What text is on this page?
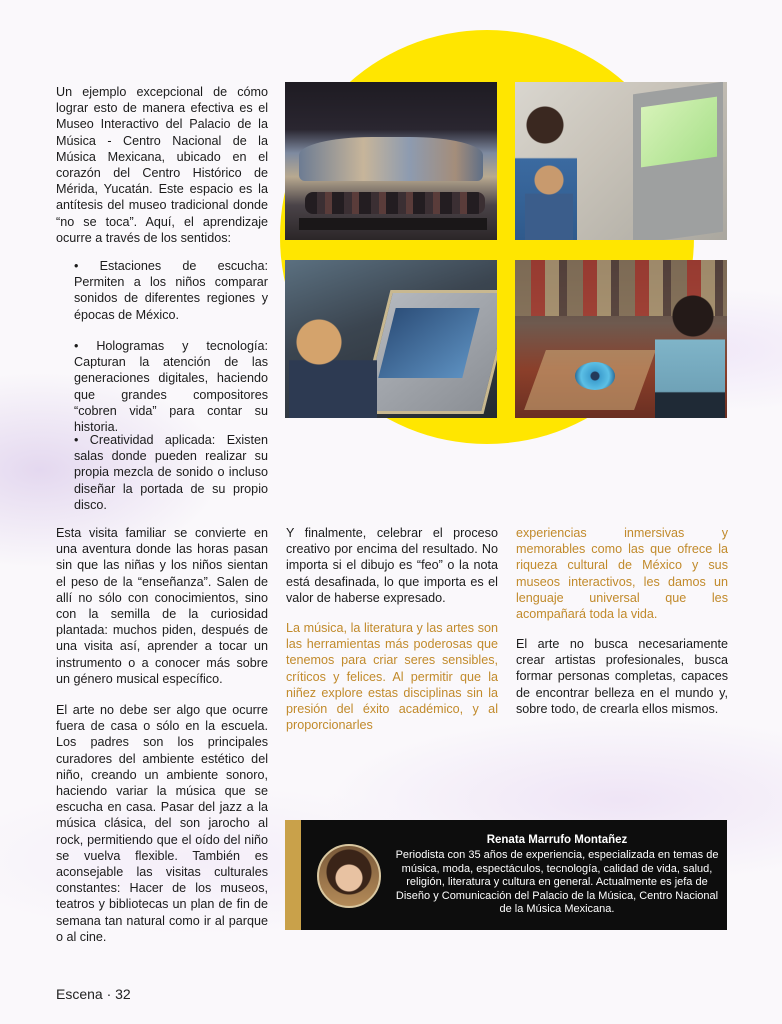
Un ejemplo excepcional de cómo lograr esto de manera efectiva es el Museo Interactivo del Palacio de la Música - Centro Nacional de la Música Mexicana, ubicado en el corazón del Centro Histórico de Mérida, Yucatán. Este espacio es la antítesis del museo tradicional donde “no se toca”. Aquí, el aprendizaje ocurre a través de los sentidos:

• Estaciones de escucha: Permiten a los niños comparar sonidos de diferentes regiones y épocas de México.

• Hologramas y tecnología: Capturan la atención de las generaciones digitales, haciendo que grandes compositores “cobren vida” para contar su historia.

• Creatividad aplicada: Existen salas donde pueden realizar su propia mezcla de sonido o incluso diseñar la portada de su propio disco.

Esta visita familiar se convierte en una aventura donde las horas pasan sin que las niñas y los niños sientan el peso de la “enseñanza”. Salen de allí no sólo con conocimientos, sino con la semilla de la curiosidad plantada: muchos piden, después de una visita así, aprender a tocar un instrumento o a conocer más sobre un género musical específico.

El arte no debe ser algo que ocurre fuera de casa o sólo en la escuela. Los padres son los principales curadores del ambiente estético del niño, creando un ambiente sonoro, haciendo variar la música que se escucha en casa. Pasar del jazz a la música clásica, del son jarocho al rock, permitiendo que el oído del niño se vuelva flexible. También es aconsejable las visitas culturales constantes: Hacer de los museos, teatros y bibliotecas un plan de fin de semana tan natural como ir al parque o al cine.

Y finalmente, celebrar el proceso creativo por encima del resultado. No importa si el dibujo es “feo” o la nota está desafinada, lo que importa es el valor de haberse expresado.

La música, la literatura y las artes son las herramientas más poderosas que tenemos para criar seres sensibles, críticos y felices. Al permitir que la niñez explore estas disciplinas sin la presión del éxito académico, y al proporcionarles

experiencias inmersivas y memorables como las que ofrece la riqueza cultural de México y sus museos interactivos, les damos un lenguaje universal que les acompañará toda la vida.

El arte no busca necesariamente crear artistas profesionales, busca formar personas completas, capaces de encontrar belleza en el mundo y, sobre todo, de crearla ellos mismos.

Renata Marrufo Montañez
Periodista con 35 años de experiencia, especializada en temas de música, moda, espectáculos, tecnología, calidad de vida, salud, religión, literatura y cultura en general. Actualmente es jefa de Diseño y Comunicación del Palacio de la Música, Centro Nacional de la Música Mexicana.
Escena · 32
